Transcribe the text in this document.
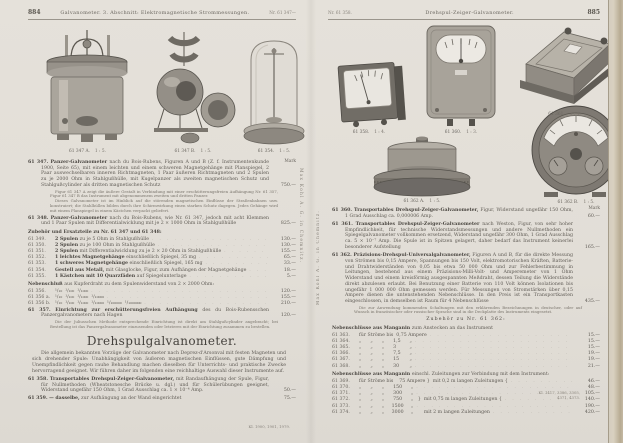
884	Galvanometer. 3. Abschnitt: Elektromagnetische Strommessungen.	Nr. 61 347—
61 347 A. 1 : 5.	61 347 B. 1 : 5.	61 354. 1 : 5.
Mark

61 347. Panzer-Galvanometer nach du Bois-Rubens, Figuren A und B (Z. f. Instrumentenkunde 1900, Seite 65), mit einem leichten und einem schweren Magnetgehänge mit Planspiegel, 2 Paar auswechselbaren inneren Richtmagneten, 1 Paar äußeren Richtmagneten und 2 Spulen zu je 2000 Ohm in Stahlgußhülle, mit Kugelpanzer als zweiten magnetischen Schutz und Stahlgußcylinder als dritten magnetischen Schutz	750.—

Figur 61 347 A zeigt die äußere Gestalt in Verbindung mit einer erschütterungsfreien Aufhängung Nr. 61 357, Figur 61 347 B das Instrument mit abgenommenem zweiten und dritten Panzer.

Dieses Galvanometer ist im Hinblick auf die störenden magnetischen Einflüsse der Straßenbahnen usw. konstruiert; die Stahlhüllen bilden durch ihre Schirmwirkung einen starken Schutz dagegen. Jedes Gehänge wird mit einem Planspiegel in einem Kästchen verpackt geliefert.

61 348. Panzer-Galvanometer nach du Bois-Rubens, wie Nr. 61 347, jedoch mit acht Klemmen und 1 Paar Spulen mit Differentialwicklung mit je 2 × 1000 Ohm in Stahlgußhülle	825.—

Zubehör und Ersatzteile zu Nr. 61 347 und 61 348:
61 349.	2 Spulen zu je 5 Ohm in Stahlgußhülle . . .	130.—
61 350.	2 Spulen zu je 100 Ohm in Stahlgußhülle . . .	130.—
61 351.	2 Spulen mit Differentialwicklung zu je 2 × 20 Ohm in Stahlgußhülle . . .	155.—
61 352.	1 leichtes Magnetgehänge einschließlich Spiegel, 35 mg . . .	65.—
61 353.	1 schweres Magnetgehänge einschließlich Spiegel, 165 mg . . .	33.—
61 354.	Gestell aus Metall, mit Glasglocke, Figur, zum Aufhängen der Magnetgehänge . . .	18.—
61 355.	1 Kästchen mit 10 Quarzfäden auf Spiegelunterlage . . .	5.—
Nebenschluß aus Kupferdraht zu dem Spulenwiderstand von 2 × 2000 Ohm:
61 356.	¹/₁₀  ¹/₁₀₀  ¹/₁₀₀₀ . . .	120.—
61 356 a.	¹/₁₀  ¹/₁₀₀  ¹/₁₀₀₀  ¹/₁₀₀₀₀ . . .	155.—
61 356 b. ¹/₁₀  ¹/₁₀₀  ¹/₁₀₀₀  ¹/₁₀₀₀₀  ¹/₁₀₀₀₀₀  ¹/₁₀₀₀₀₀₀ . . .	210.—

61 357. Einrichtung zur erschütterungsfreien Aufhängung des du Bois-Rubensschen Panzergalvanometers nach Hagen	120.—

Die der Juliusschen Methode entsprechende Einrichtung ist direkt am Stahlgußcylinder angebracht; bei Bestellung ist das Panzergalvanometer einzusenden oder letzteres mit der Einrichtung zusammen zu bestellen.

Drehspulgalvanometer.

Die allgemein bekannten Vorzüge der Galvanometer nach Deprez-d'Arsonval mit festen Magneten und sich drehender Spule: Unabhängigkeit von äußeren magnetischen Einflüssen, gute Dämpfung und Unempfindlichkeit gegen rauhe Behandlung machen dieselben für Unterrichts- und praktische Zwecke hervorragend geeignet. Wir führen daher im folgenden eine reichhaltige Auswahl dieser Instrumente auf.

61 358. Transportables Drehspul-Zeiger-Galvanometer, mit Bandaufhängung der Spule, Figur, für Nullmethoden (Wheatstonesche Brücke u. dgl.) und für Schülerübungen geeignet, Widerstand ungefähr 150 Ohm, 1 Grad Ausschlag ca. 1 × 10⁻⁴ Amp.	50.—

61 359. — dasselbe, zur Aufhängung an der Wand eingerichtet	75.—

Max Kohl A. G. in Chemnitz.
Kl. 1900, 1901, 1979.
Nr. 61 358.	Drehspul-Zeiger-Galvanometer.	885
61 358. 1 : 4.	61 360. 1 : 3.
61 361. 1 : 4.
61 362 A. 1 : 5.	61 362 B. 1 : 5.
Mark

61 360. Transportables Drehspul-Zeiger-Galvanometer, Figur, Widerstand ungefähr 150 Ohm, 1 Grad Ausschlag ca. 0,000006 Amp.	60.—

61 361. Transportables Drehspul-Zeiger-Galvanometer nach Weston, Figur, von sehr hoher Empfindlichkeit, für technische Widerstandsmessungen und andere Nullmethoden ein Spiegelgalvanometer vollkommen ersetzend, Widerstand ungefähr 300 Ohm, 1 Grad Ausschlag ca. 5 × 10⁻⁷ Amp. Die Spule ist in Spitzen gelagert, daher bedarf das Instrument keinerlei besonderer Aufstellung	165.—

61 362. Präzisions-Drehspul-Universalgalvanometer, Figuren A und B, für die direkte Messung von Strömen bis 0,15 Ampere, Spannungen bis 150 Volt, elektromotorischen Kräften, Batterie- und Drahtwiderständen von 0,05 bis etwa 50 000 Ohm und zur Fehlerbestimmung in Leitungen, bestehend aus einem Präzisions-Milli-Volt- und Amperemeter von 1 Ohm Widerstand und einem kreisförmig ausgespannten Meßdraht, dessen Teilung die Widerstände direkt abzulesen erlaubt. Bei Benutzung einer Batterie von 110 Volt können Isolationen bis ungefähr 1 000 000 Ohm gemessen werden. Für Messungen von Stromstärken über 0,15 Ampere dienen die untenstehenden Nebenschlüsse. In den Preis ist ein Transportkasten eingeschlossen, in demselben ist Raum für 4 Nebenschlüsse	435.—

Die zur Anwendung kommenden Schaltungen mit den erklärenden Bezeichnungen in deutscher, oder auf Wunsch in französischer oder russischer Sprache sind in die Deckplatte des Instruments eingesetzt.

Zubehör zu Nr. 61 362:
Nebenschlüsse aus Manganin zum Anstecken an das Instrument
61 363.	für Ströme bis  0,75 Ampere . . .	15.—
61 364.	„      „      „      1,5      „ . . .	15.—
61 365.	„      „      „      3         „ . . .	15.—
61 366.	„      „      „      7,5      „ . . .	19.—
61 367.	„      „      „      15       „ . . .	19.—
61 368.	„      „      „      30       „ . . .	21.—
Nebenschlüsse aus Manganin einschl. Zuleitungen zur Verbindung mit dem Instrument:
61 369.	für Ströme bis    75 Ampere }  mit 0,2 m langen Zuleitungen { . . .	46.—
61 370.	„      „      „      150      „ . . .	48.—
61 371.	„      „      „      300      „ . . .	105.—
61 372.	„      „      „      750      „   }  mit 0,75 m langen Zuleitungen { . . .	140.—
61 373.	„      „      „     1500     „ . . .	190.—
61 374.	„      „      „     3000     „       mit 2 m langen Zuleitungen . . .	420.—
Max Kohl A. G. in Chemnitz.
Kl. 1417, 3386, 3305,
4371, 4373.
